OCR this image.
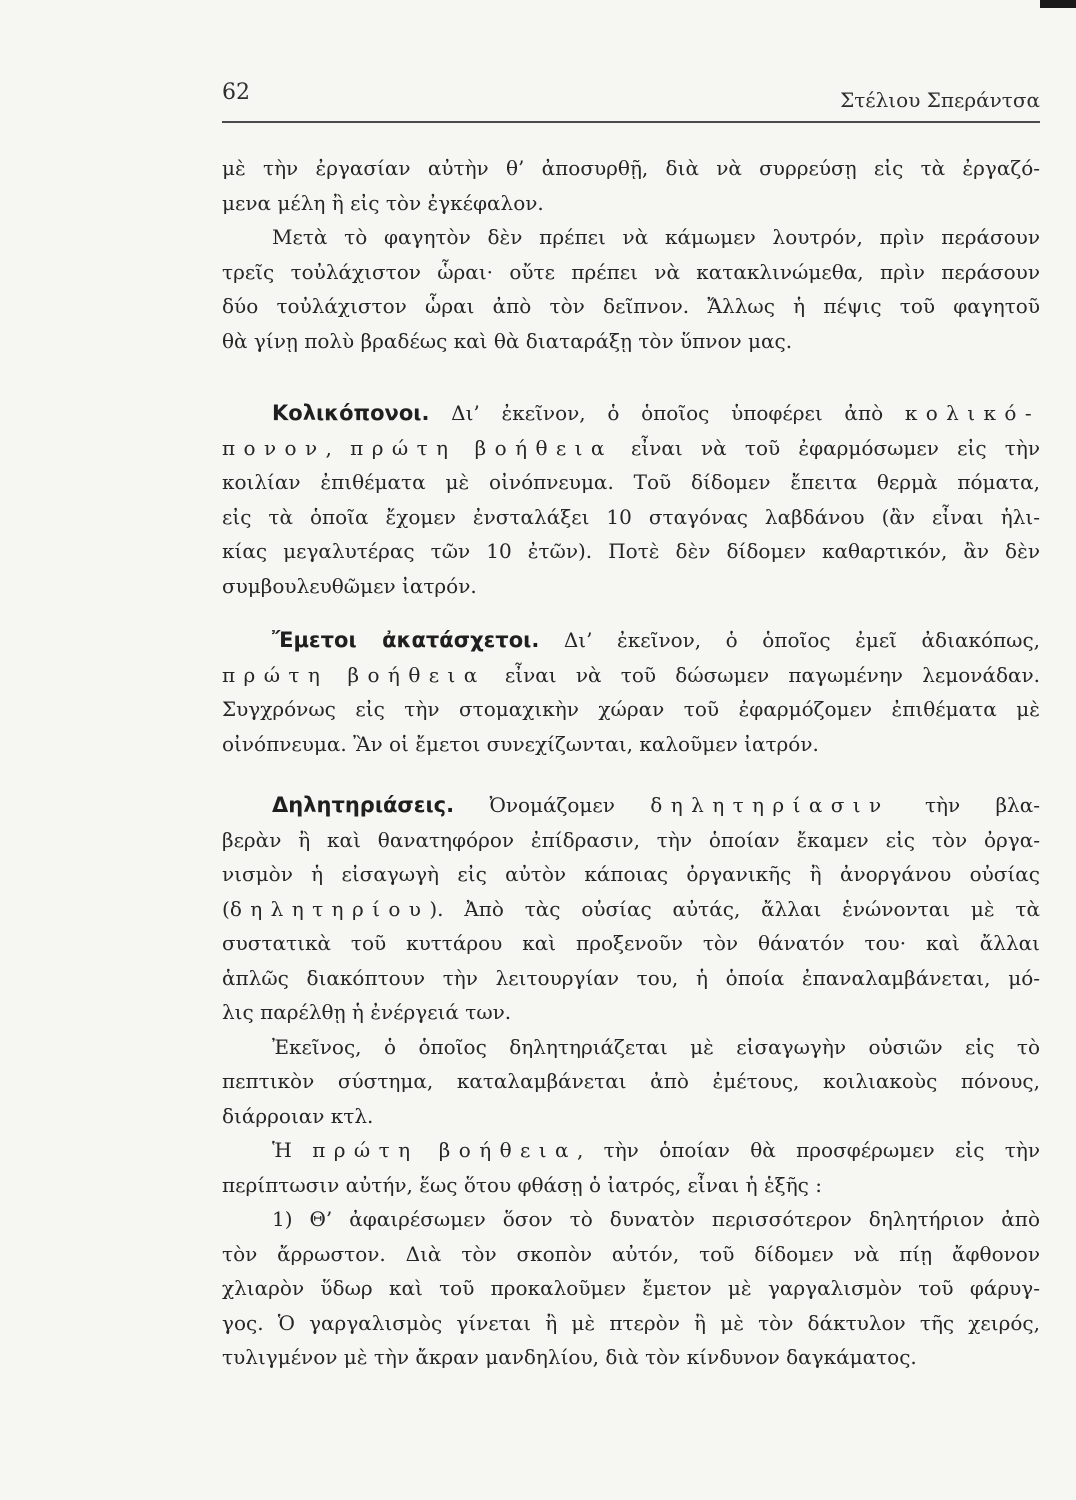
62	Στέλιου Σπεράντσα
μὲ τὴν ἐργασίαν αὐτὴν θ’ ἀποσυρθῇ, διὰ νὰ συρρεύσῃ εἰς τὰ ἐργαζό-
μενα μέλη ἢ εἰς τὸν ἐγκέφαλον.
Μετὰ τὸ φαγητὸν δὲν πρέπει νὰ κάμωμεν λουτρόν, πρὶν περάσουν
τρεῖς τοὐλάχιστον ὧραι· οὔτε πρέπει νὰ κατακλινώμεθα, πρὶν περάσουν
δύο τοὐλάχιστον ὧραι ἀπὸ τὸν δεῖπνον. Ἄλλως ἡ πέψις τοῦ φαγητοῦ
θὰ γίνῃ πολὺ βραδέως καὶ θὰ διαταράξῃ τὸν ὕπνον μας.
Κολικόπονοι. Δι’ ἐκεῖνον, ὁ ὁποῖος ὑποφέρει ἀπὸ κολικό-
πονον, πρώτη βοήθεια εἶναι νὰ τοῦ ἐφαρμόσωμεν εἰς τὴν
κοιλίαν ἐπιθέματα μὲ οἰνόπνευμα. Τοῦ δίδομεν ἔπειτα θερμὰ πόματα,
εἰς τὰ ὁποῖα ἔχομεν ἐνσταλάξει 10 σταγόνας λαβδάνου (ἂν εἶναι ἡλι-
κίας μεγαλυτέρας τῶν 10 ἐτῶν). Ποτὲ δὲν δίδομεν καθαρτικόν, ἂν δὲν
συμβουλευθῶμεν ἰατρόν.
Ἔμετοι ἀκατάσχετοι. Δι’ ἐκεῖνον, ὁ ὁποῖος ἐμεῖ ἀδιακόπως,
πρώτη βοήθεια εἶναι νὰ τοῦ δώσωμεν παγωμένην λεμονάδαν.
Συγχρόνως εἰς τὴν στομαχικὴν χώραν τοῦ ἐφαρμόζομεν ἐπιθέματα μὲ
οἰνόπνευμα. Ἂν οἱ ἔμετοι συνεχίζωνται, καλοῦμεν ἰατρόν.
Δηλητηριάσεις. Ὀνομάζομεν δηλητηρίασιν τὴν βλα-
βερὰν ἢ καὶ θανατηφόρον ἐπίδρασιν, τὴν ὁποίαν ἔκαμεν εἰς τὸν ὀργα-
νισμὸν ἡ εἰσαγωγὴ εἰς αὐτὸν κάποιας ὀργανικῆς ἢ ἀνοργάνου οὐσίας
(δηλητηρίου). Ἀπὸ τὰς οὐσίας αὐτάς, ἄλλαι ἑνώνονται μὲ τὰ
συστατικὰ τοῦ κυττάρου καὶ προξενοῦν τὸν θάνατόν του· καὶ ἄλλαι
ἁπλῶς διακόπτουν τὴν λειτουργίαν του, ἡ ὁποία ἐπαναλαμβάνεται, μό-
λις παρέλθῃ ἡ ἐνέργειά των.
Ἐκεῖνος, ὁ ὁποῖος δηλητηριάζεται μὲ εἰσαγωγὴν οὐσιῶν εἰς τὸ
πεπτικὸν σύστημα, καταλαμβάνεται ἀπὸ ἐμέτους, κοιλιακοὺς πόνους,
διάρροιαν κτλ.
Ἡ πρώτη βοήθεια, τὴν ὁποίαν θὰ προσφέρωμεν εἰς τὴν
περίπτωσιν αὐτήν, ἕως ὅτου φθάσῃ ὁ ἰατρός, εἶναι ἡ ἑξῆς :
1) Θ’ ἀφαιρέσωμεν ὅσον τὸ δυνατὸν περισσότερον δηλητήριον ἀπὸ
τὸν ἄρρωστον. Διὰ τὸν σκοπὸν αὐτόν, τοῦ δίδομεν νὰ πίῃ ἄφθονον
χλιαρὸν ὕδωρ καὶ τοῦ προκαλοῦμεν ἔμετον μὲ γαργαλισμὸν τοῦ φάρυγ-
γος. Ὁ γαργαλισμὸς γίνεται ἢ μὲ πτερὸν ἢ μὲ τὸν δάκτυλον τῆς χειρός,
τυλιγμένον μὲ τὴν ἄκραν μανδηλίου, διὰ τὸν κίνδυνον δαγκάματος.
